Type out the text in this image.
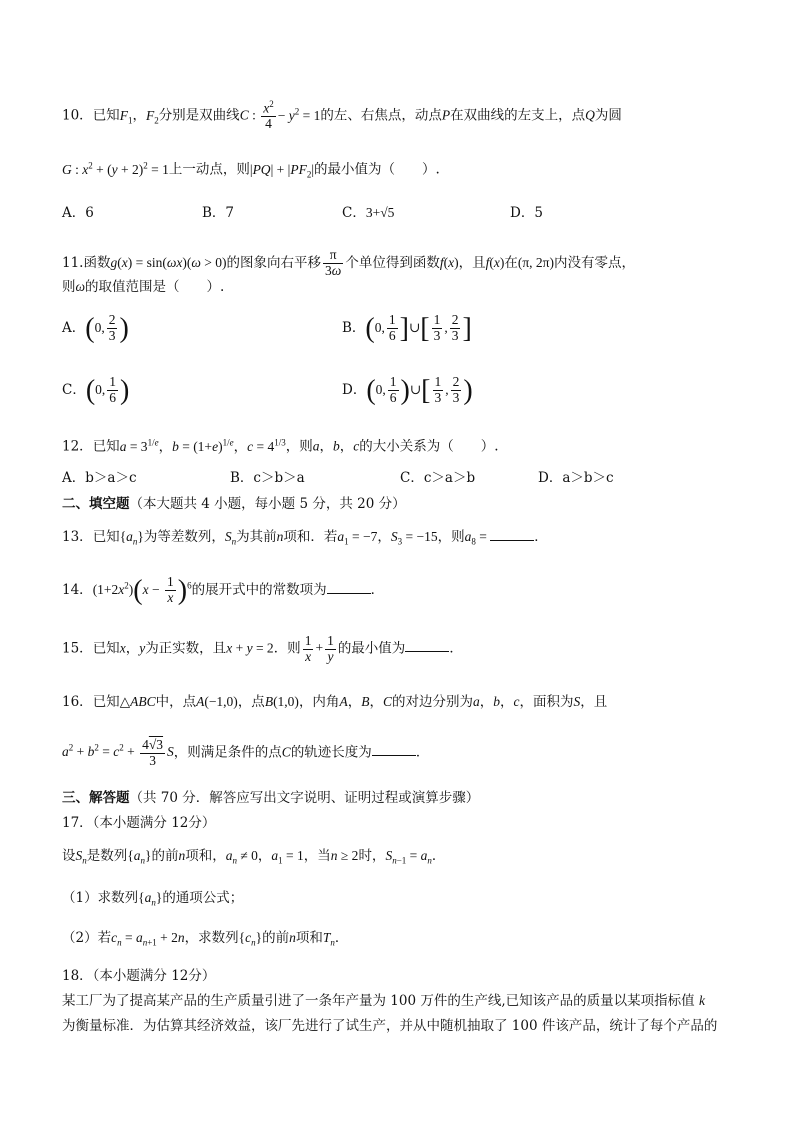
10．已知$F_1$，$F_2$分别是双曲线C : $\frac{x^2}{4} - y^2 = 1$的左、右焦点，动点P在双曲线的左支上，点Q为圆
G : $x^2 + (y + 2)^2 = 1$上一动点，则$|PQ| + |PF_2|$的最小值为（　　）.
A．6	B．7	C．3+√5	D．5
11.函数g(x) = sin(ωx)(ω > 0)的图象向右平移 $\frac{\pi}{3\omega}$ 个单位得到函数f(x)，且f(x)在(π, 2π)内没有零点，
则ω的取值范围是（　　）.
A．(0, $\frac{2}{3}$ )	B．(0, $\frac{1}{6}$ ]∪[ $\frac{1}{3}$ , $\frac{2}{3}$ ]
C．(0, $\frac{1}{6}$ )	D．(0, $\frac{1}{6}$ )∪[ $\frac{1}{3}$ , $\frac{2}{3}$ )
12．已知$a = 3^{1/e}$，$b = (1+e)^{1/e}$，$c = 4^{1/3}$，则a，b，c的大小关系为（　　）.
A．b＞a＞c	B．c＞b＞a	C．c＞a＞b	D．a＞b＞c
二、填空题（本大题共 4 小题，每小题 5 分，共 20 分）
13．已知$\{a_n\}$为等差数列，$S_n$为其前n项和．若$a_1 = -7$，$S_3 = -15$，则$a_8$ =	．
14．$(1+2x^2)(x - \frac{1}{x} )^6$的展开式中的常数项为	．
15．已知x，y为正实数，且x + y = 2．则 $\frac{1}{x} + \frac{1}{y}$ 的最小值为	．
16．已知△ABC中，点A(−1,0)，点B(1,0)，内角A，B，C的对边分别为a，b，c，面积为S，且
$a^2 + b^2 = c^2 + \frac{4√3}{3}$ S，则满足条件的点C的轨迹长度为	．
三、解答题（共 70 分．解答应写出文字说明、证明过程或演算步骤）
17．（本小题满分 12分）
设$S_n$是数列$\{a_n\}$的前n项和，$a_n \ne 0$，$a_1 = 1$，当n ≥ 2时，$S_{n-1} = a_n$．
（1）求数列$\{a_n\}$的通项公式；
（2）若$c_n = a_{n+1} + 2n$，求数列$\{c_n\}$的前n项和$T_n$．
18．（本小题满分 12分）
某工厂为了提高某产品的生产质量引进了一条年产量为 100 万件的生产线,已知该产品的质量以某项指标值 k
为衡量标准．为估算其经济效益，该厂先进行了试生产，并从中随机抽取了 100 件该产品，统计了每个产品的
